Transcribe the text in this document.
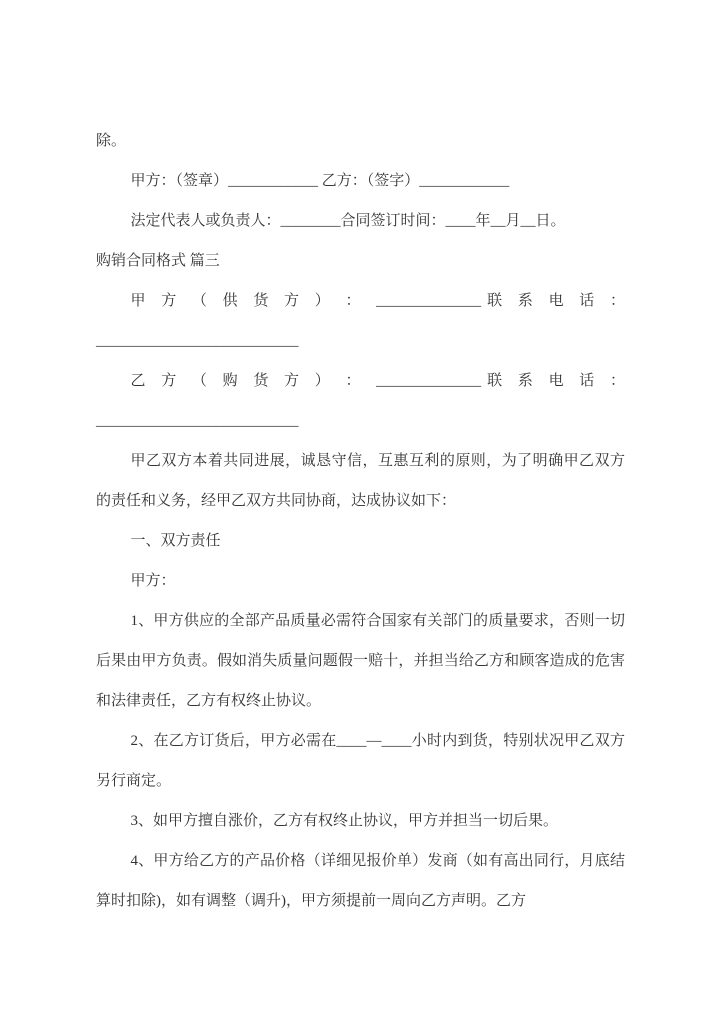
除。

甲方：（签章）____________ 乙方：（签字）____________

法定代表人或负责人：________合同签订时间：____年__月__日。

购销合同格式 篇三

甲 方 （ 供 货 方 ） ： ______________联 系 电 话 ：

___________________________

乙 方 （ 购 货 方 ） ： ______________联 系 电 话 ：

___________________________

甲乙双方本着共同进展，诚恳守信，互惠互利的原则，为了明确甲乙双方的责任和义务，经甲乙双方共同协商，达成协议如下：

一、双方责任

甲方：

1、甲方供应的全部产品质量必需符合国家有关部门的质量要求，否则一切后果由甲方负责。假如消失质量问题假一赔十，并担当给乙方和顾客造成的危害和法律责任，乙方有权终止协议。

2、在乙方订货后，甲方必需在____—____小时内到货，特别状况甲乙双方另行商定。

3、如甲方擅自涨价，乙方有权终止协议，甲方并担当一切后果。

4、甲方给乙方的产品价格（详细见报价单）发商（如有高出同行，月底结算时扣除)，如有调整（调升)，甲方须提前一周向乙方声明。乙方
